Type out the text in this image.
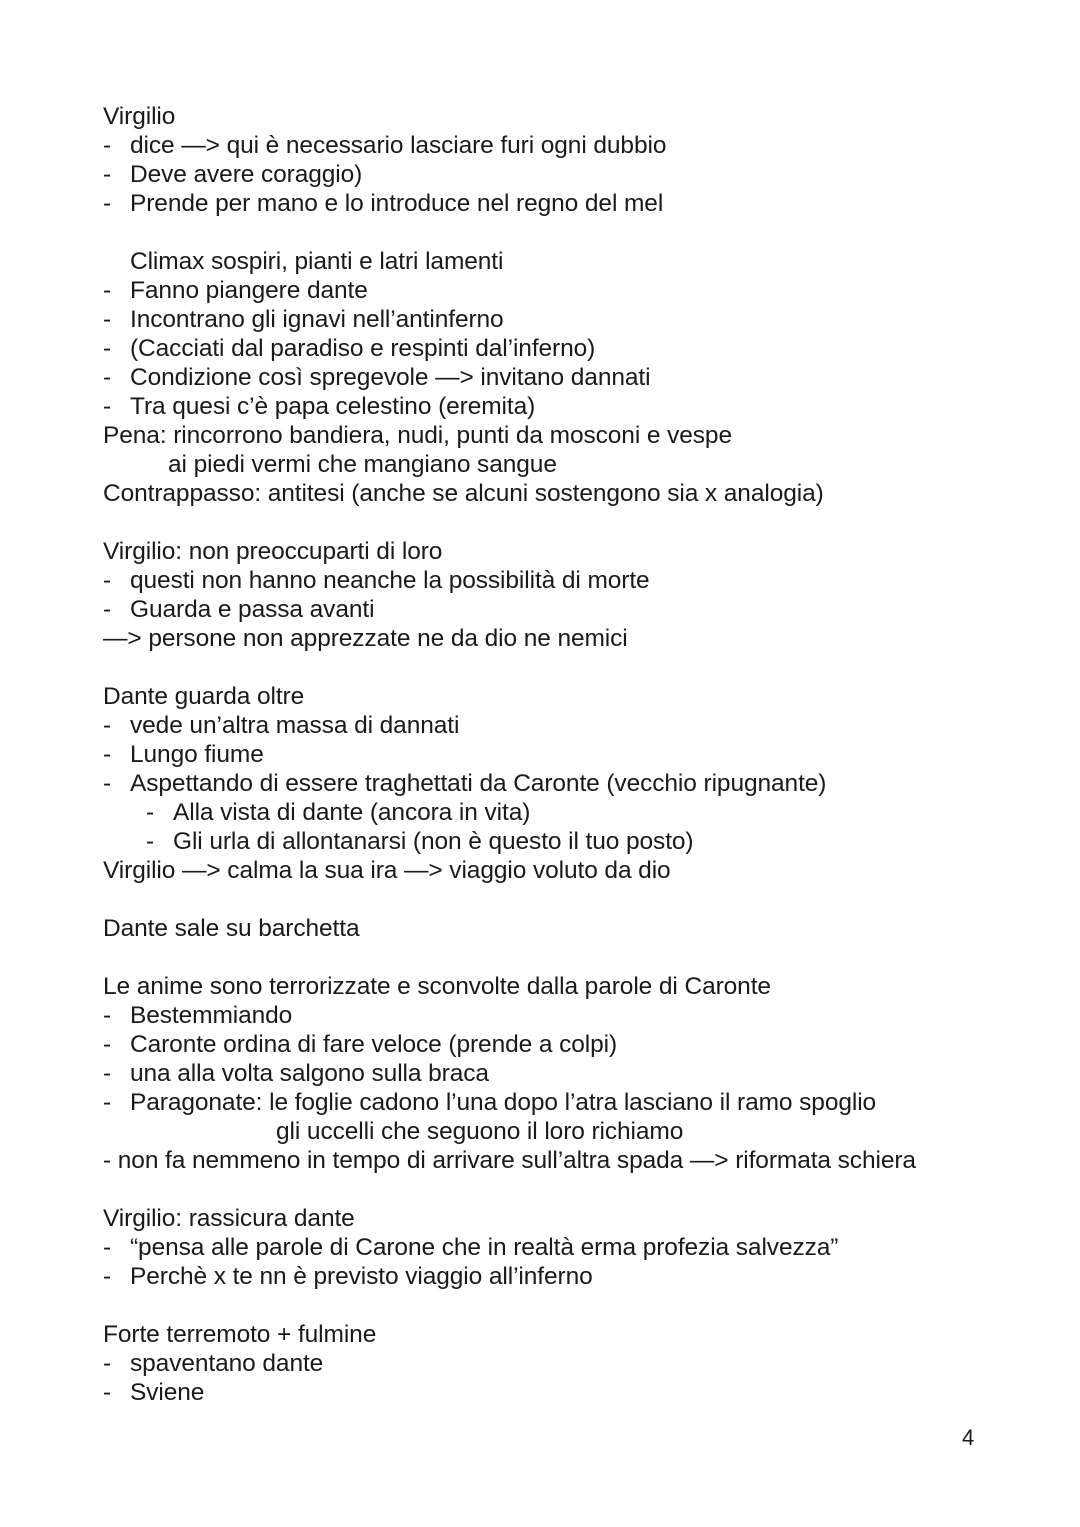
Virgilio
- dice —> qui è necessario lasciare furi ogni dubbio
- Deve avere coraggio)
- Prende per mano e lo introduce nel regno del mel
Climax sospiri, pianti e latri lamenti
- Fanno piangere dante
- Incontrano gli ignavi nell’antinferno
- (Cacciati dal paradiso e respinti dal’inferno)
- Condizione così spregevole —> invitano dannati
- Tra quesi c’è papa celestino (eremita)
Pena: rincorrono bandiera, nudi, punti da mosconi e vespe
ai piedi vermi che mangiano sangue
Contrappasso: antitesi (anche se alcuni sostengono sia x analogia)
Virgilio: non preoccuparti di loro
- questi non hanno neanche la possibilità di morte
- Guarda e passa avanti
—> persone non apprezzate ne da dio ne nemici
Dante guarda oltre
- vede un’altra massa di dannati
- Lungo fiume
- Aspettando di essere traghettati da Caronte (vecchio ripugnante)
- Alla vista di dante (ancora in vita)
- Gli urla di allontanarsi (non è questo il tuo posto)
Virgilio —> calma la sua ira —> viaggio voluto da dio
Dante sale su barchetta
Le anime sono terrorizzate e sconvolte dalla parole di Caronte
- Bestemmiando
- Caronte ordina di fare veloce (prende a colpi)
- una alla volta salgono sulla braca
- Paragonate: le foglie cadono l’una dopo l’atra lasciano il ramo spoglio
gli uccelli che seguono il loro richiamo
- non fa nemmeno in tempo di arrivare sull’altra spada —> riformata schiera
Virgilio: rassicura dante
- “pensa alle parole di Carone che in realtà erma profezia salvezza”
- Perchè x te nn è previsto viaggio all’inferno
Forte terremoto + fulmine
- spaventano dante
- Sviene
4
